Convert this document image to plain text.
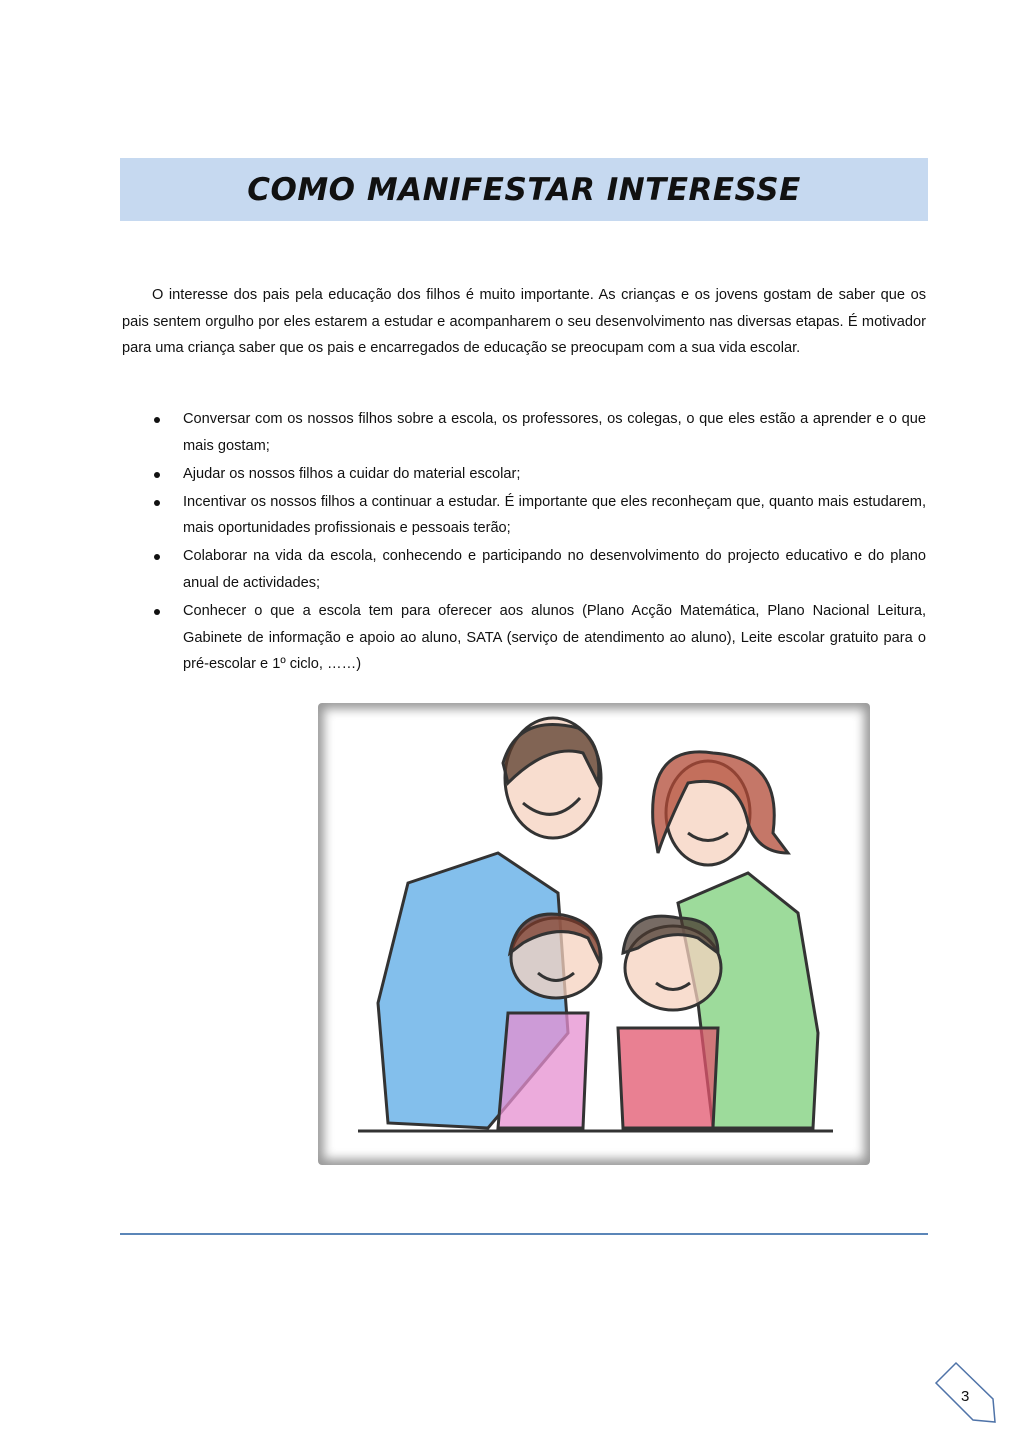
COMO MANIFESTAR INTERESSE

O interesse dos pais pela educação dos filhos é muito importante. As crianças e os jovens gostam de saber que os pais sentem orgulho por eles estarem a estudar e acompanharem o seu desenvolvimento nas diversas etapas. É motivador para uma criança saber que os pais e encarregados de educação se preocupam com a sua vida escolar.

Conversar com os nossos filhos sobre a escola, os professores, os colegas, o que eles estão a aprender e o que mais gostam;
Ajudar os nossos filhos a cuidar do material escolar;
Incentivar os nossos filhos a continuar a estudar. É importante que eles reconheçam que, quanto mais estudarem, mais oportunidades profissionais e pessoais terão;
Colaborar na vida da escola, conhecendo e participando no desenvolvimento do projecto educativo e do plano anual de actividades;
Conhecer o que a escola tem para oferecer aos alunos (Plano Acção Matemática, Plano Nacional Leitura, Gabinete de informação e apoio ao aluno, SATA (serviço de atendimento ao aluno), Leite escolar gratuito para o pré-escolar e 1º ciclo, ……)
3
